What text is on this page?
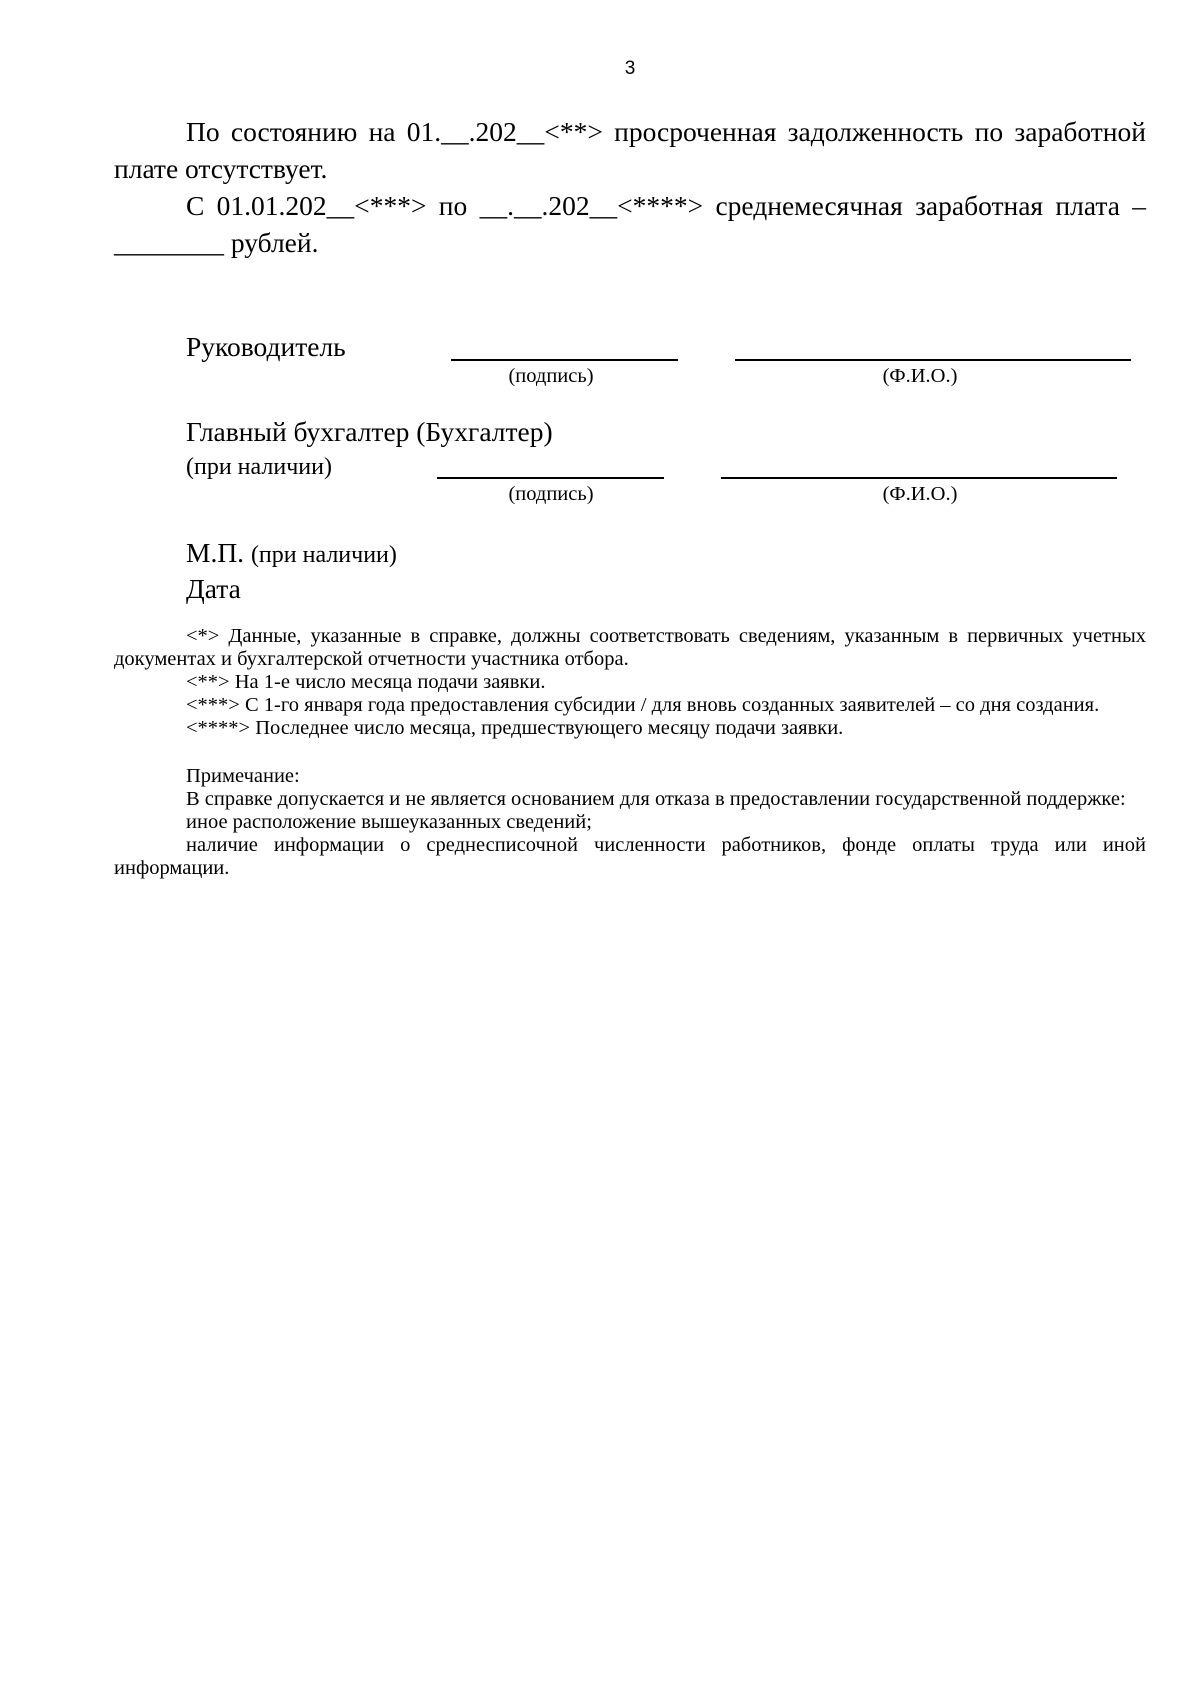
3

По состоянию на 01.__.202__<**> просроченная задолженность по заработной плате отсутствует.

С 01.01.202__<***> по __.__.202__<****> среднемесячная заработная плата – ________ рублей.

Руководитель
(подпись)	(Ф.И.О.)
Главный бухгалтер (Бухгалтер)
(при наличии)
(подпись)	(Ф.И.О.)
М.П. (при наличии)
Дата

<*> Данные, указанные в справке, должны соответствовать сведениям, указанным в первичных учетных документах и бухгалтерской отчетности участника отбора.

<**> На 1-е число месяца подачи заявки.

<***> С 1-го января года предоставления субсидии / для вновь созданных заявителей – со дня создания.

<****> Последнее число месяца, предшествующего месяцу подачи заявки.

Примечание:

В справке допускается и не является основанием для отказа в предоставлении государственной поддержке:

иное расположение вышеуказанных сведений;

наличие информации о среднесписочной численности работников, фонде оплаты труда или иной информации.
